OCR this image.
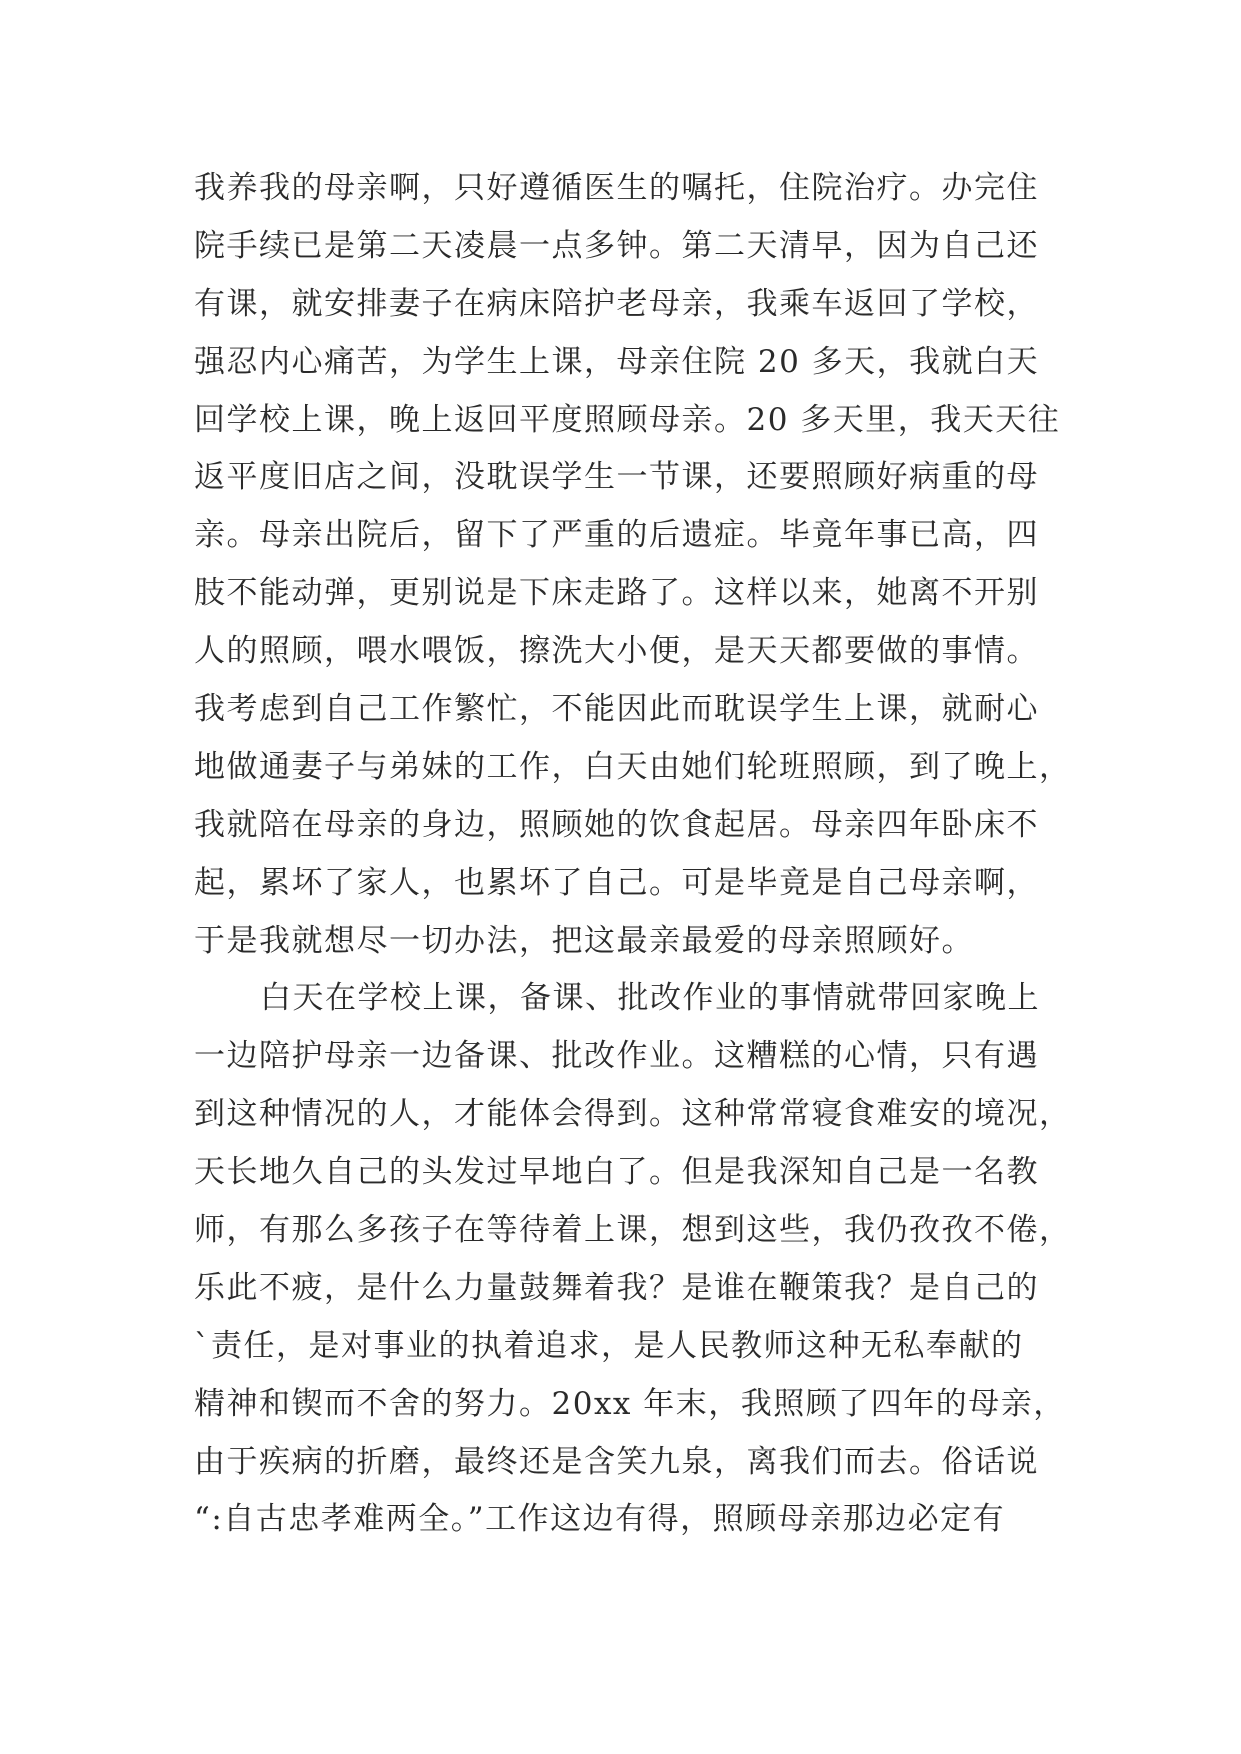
我养我的母亲啊，只好遵循医生的嘱托，住院治疗。办完住
院手续已是第二天凌晨一点多钟。第二天清早，因为自己还
有课，就安排妻子在病床陪护老母亲，我乘车返回了学校，
强忍内心痛苦，为学生上课，母亲住院 20 多天，我就白天
回学校上课，晚上返回平度照顾母亲。20 多天里，我天天往
返平度旧店之间，没耽误学生一节课，还要照顾好病重的母
亲。母亲出院后，留下了严重的后遗症。毕竟年事已高，四
肢不能动弹，更别说是下床走路了。这样以来，她离不开别
人的照顾，喂水喂饭，擦洗大小便，是天天都要做的事情。
我考虑到自己工作繁忙，不能因此而耽误学生上课，就耐心
地做通妻子与弟妹的工作，白天由她们轮班照顾，到了晚上，
我就陪在母亲的身边，照顾她的饮食起居。母亲四年卧床不
起，累坏了家人，也累坏了自己。可是毕竟是自己母亲啊，
于是我就想尽一切办法，把这最亲最爱的母亲照顾好。
白天在学校上课，备课、批改作业的事情就带回家晚上
一边陪护母亲一边备课、批改作业。这糟糕的心情，只有遇
到这种情况的人，才能体会得到。这种常常寝食难安的境况，
天长地久自己的头发过早地白了。但是我深知自己是一名教
师，有那么多孩子在等待着上课，想到这些，我仍孜孜不倦，
乐此不疲，是什么力量鼓舞着我？是谁在鞭策我？是自己的
`责任，是对事业的执着追求，是人民教师这种无私奉献的
精神和锲而不舍的努力。20xx 年末，我照顾了四年的母亲，
由于疾病的折磨，最终还是含笑九泉，离我们而去。俗话说
“:自古忠孝难两全。”工作这边有得，照顾母亲那边必定有
